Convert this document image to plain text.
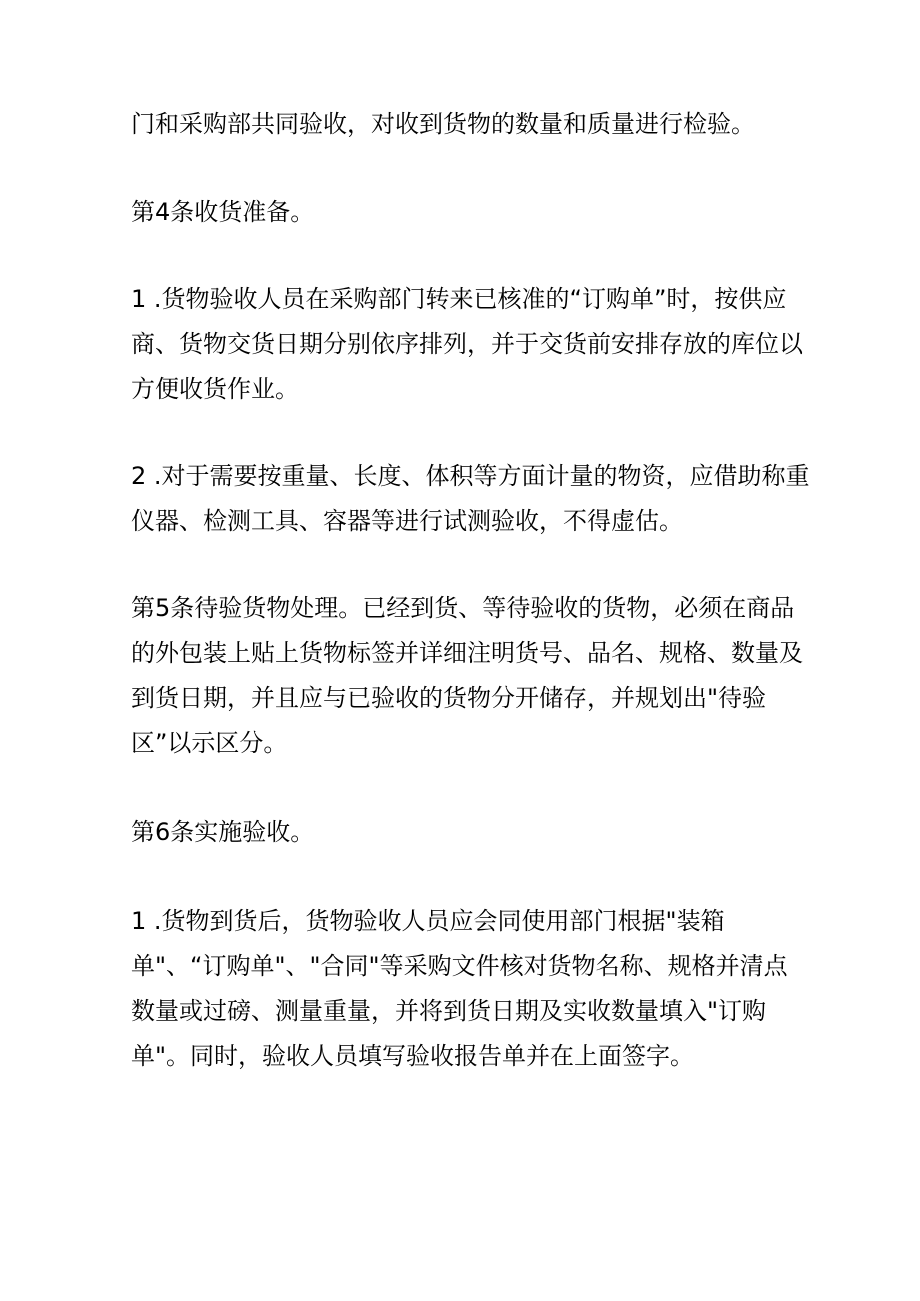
门和采购部共同验收，对收到货物的数量和质量进行检验。

第4条收货准备。

1 .货物验收人员在采购部门转来已核准的“订购单”时，按供应商、货物交货日期分别依序排列，并于交货前安排存放的库位以方便收货作业。

2 .对于需要按重量、长度、体积等方面计量的物资，应借助称重仪器、检测工具、容器等进行试测验收，不得虚估。

第5条待验货物处理。已经到货、等待验收的货物，必须在商品的外包装上贴上货物标签并详细注明货号、品名、规格、数量及到货日期，并且应与已验收的货物分开储存，并规划出"待验区”以示区分。

第6条实施验收。

1 .货物到货后，货物验收人员应会同使用部门根据"装箱单"、“订购单"、"合同"等采购文件核对货物名称、规格并清点数量或过磅、测量重量，并将到货日期及实收数量填入"订购单"。同时，验收人员填写验收报告单并在上面签字。
